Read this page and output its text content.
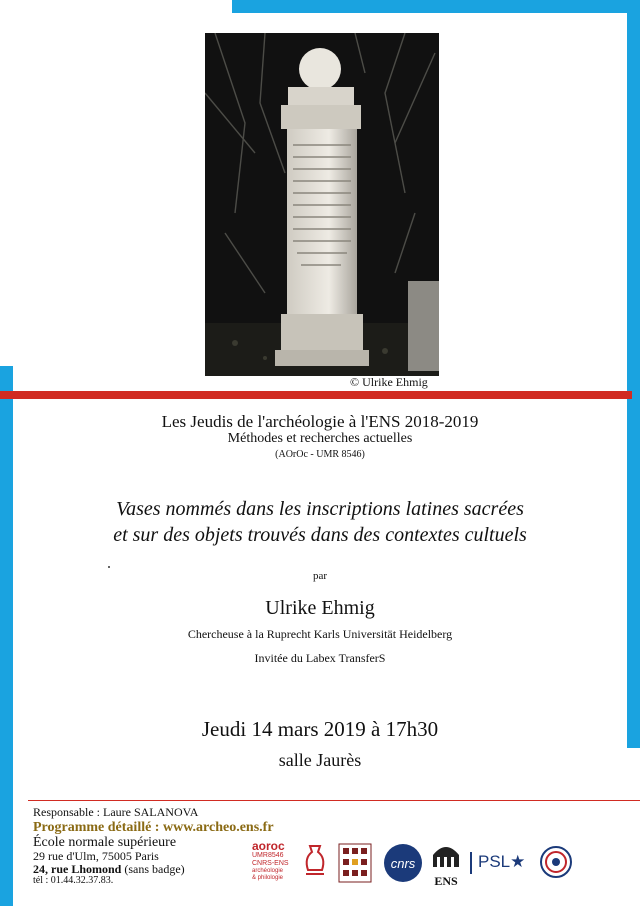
© Ulrike Ehmig
Les Jeudis de l'archéologie à l'ENS 2018-2019
Méthodes et recherches actuelles
(AOrOc - UMR 8546)
Vases nommés dans les inscriptions latines sacrées
et sur des objets trouvés dans des contextes cultuels
par
Ulrike Ehmig
Chercheuse à la Ruprecht Karls Universität Heidelberg
Invitée du Labex TransferS
Jeudi 14 mars 2019 à 17h30
salle Jaurès
Responsable : Laure SALANOVA
Programme détaillé : www.archeo.ens.fr
École normale supérieure
29 rue d'Ulm, 75005 Paris
24, rue Lhomond (sans badge)
tél : 01.44.32.37.83.
aoroc
UMR8546
CNRS-ENS
archéologie
& philologie
cnrs
ENS
PSL★
